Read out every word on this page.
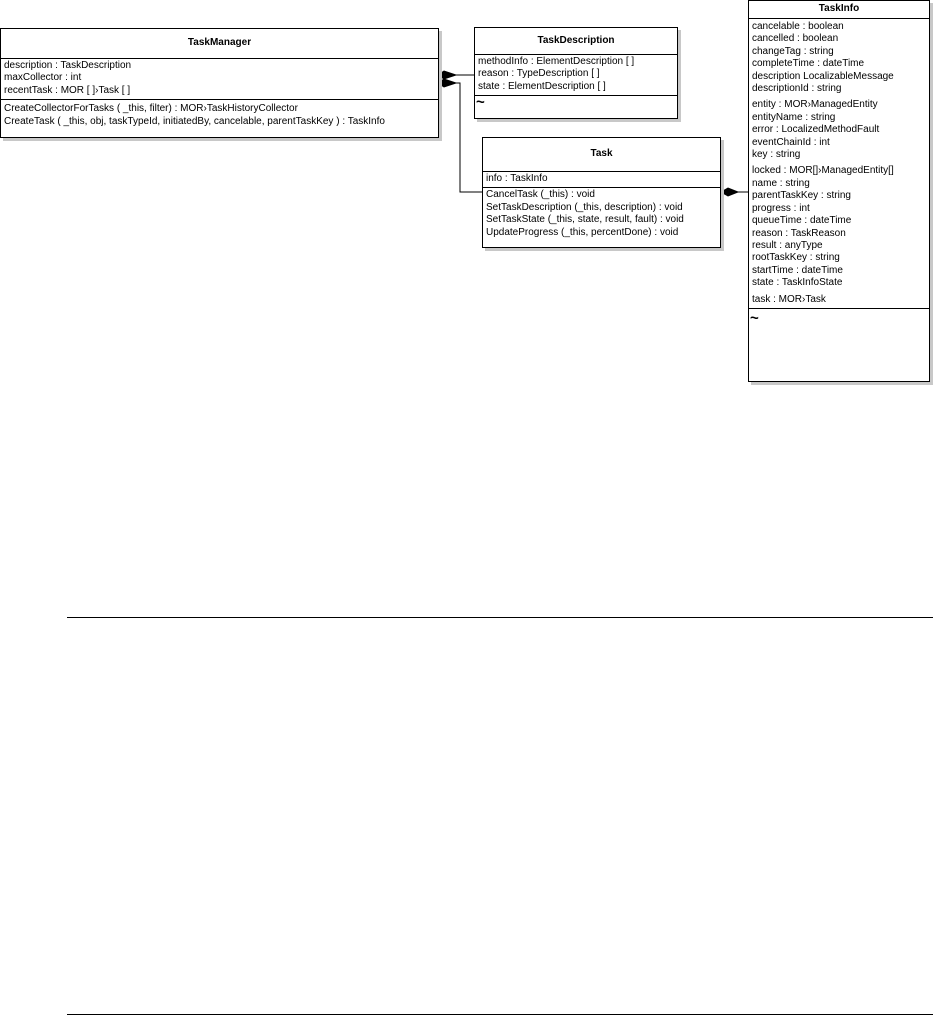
TaskManager
description : TaskDescription
maxCollector : int
recentTask : MOR [ ]›Task [ ]
CreateCollectorForTasks ( _this, filter) : MOR›TaskHistoryCollector
CreateTask ( _this, obj, taskTypeId, initiatedBy, cancelable, parentTaskKey ) : TaskInfo
TaskDescription
methodInfo : ElementDescription [ ]
reason : TypeDescription [ ]
state : ElementDescription [ ]
~
Task
info : TaskInfo
CancelTask (_this) : void
SetTaskDescription (_this, description) : void
SetTaskState (_this, state, result, fault) : void
UpdateProgress (_this, percentDone) : void
TaskInfo
cancelable : boolean
cancelled : boolean
changeTag : string
completeTime : dateTime
description LocalizableMessage
descriptionId : string
entity : MOR›ManagedEntity
entityName : string
error : LocalizedMethodFault
eventChainId : int
key : string
locked : MOR[]›ManagedEntity[]
name : string
parentTaskKey : string
progress : int
queueTime : dateTime
reason : TaskReason
result : anyType
rootTaskKey : string
startTime : dateTime
state : TaskInfoState
task : MOR›Task
~
